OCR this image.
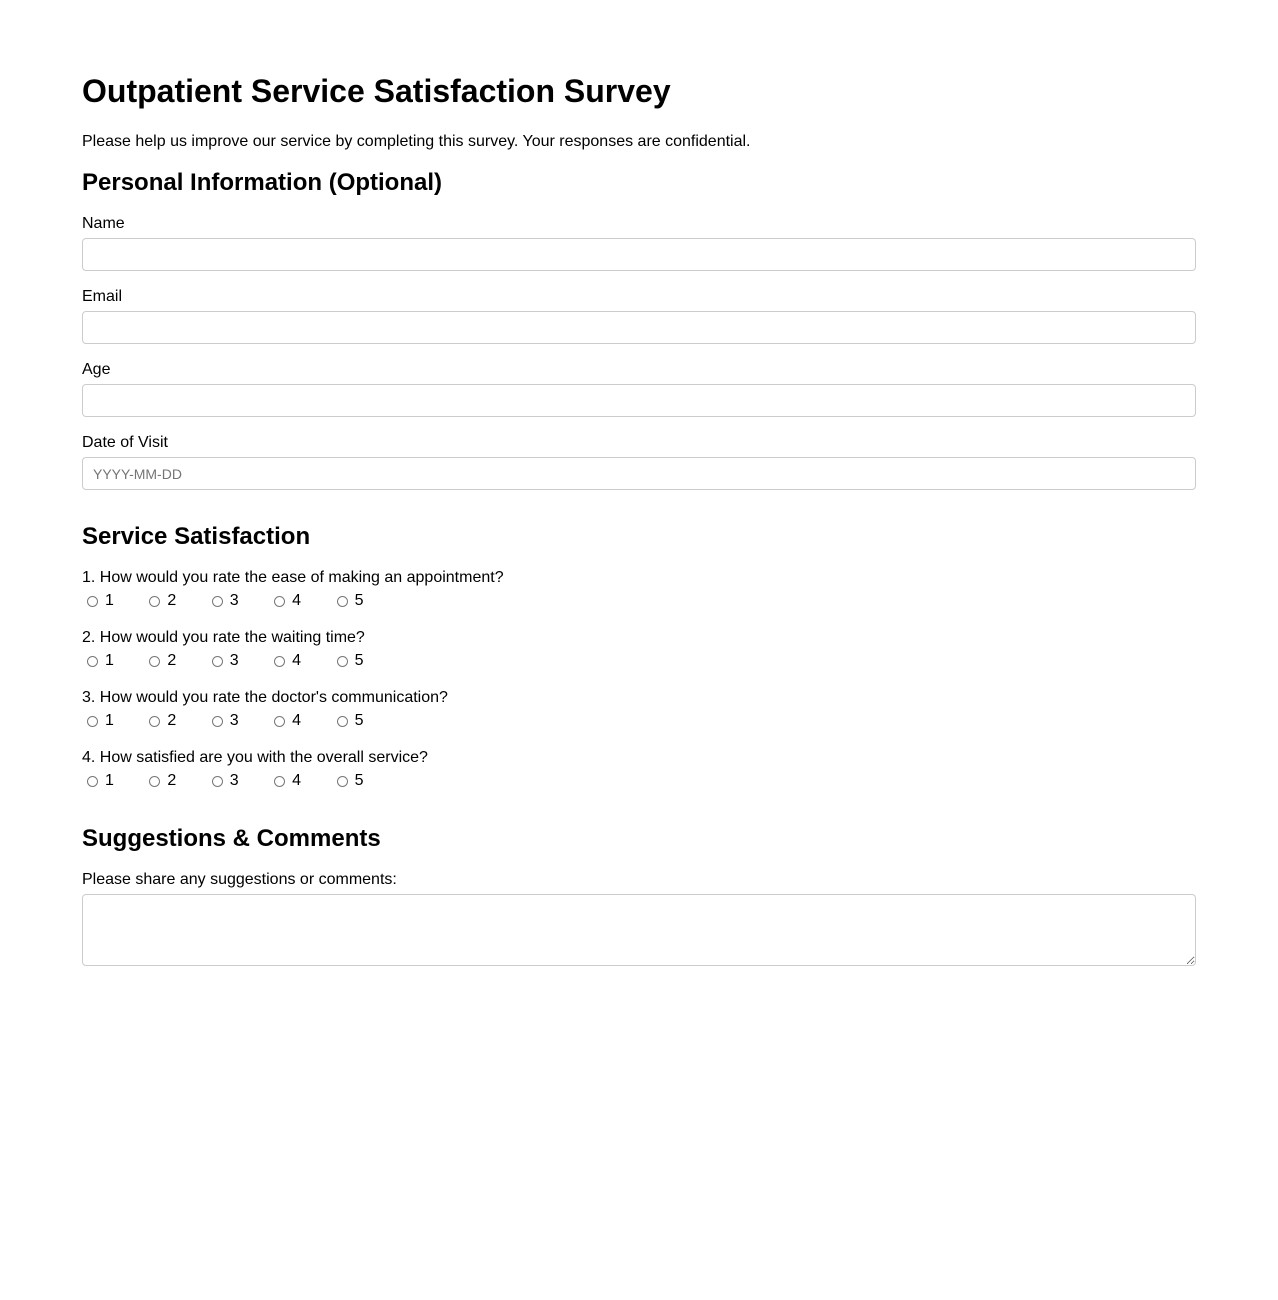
Outpatient Service Satisfaction Survey

Please help us improve our service by completing this survey. Your responses are confidential.

Personal Information (Optional)
Name
Email
Age
Date of Visit
YYYY-MM-DD
Service Satisfaction
1. How would you rate the ease of making an appointment?
1	2	3	4	5
2. How would you rate the waiting time?
1	2	3	4	5
3. How would you rate the doctor's communication?
1	2	3	4	5
4. How satisfied are you with the overall service?
1	2	3	4	5
Suggestions & Comments
Please share any suggestions or comments:
